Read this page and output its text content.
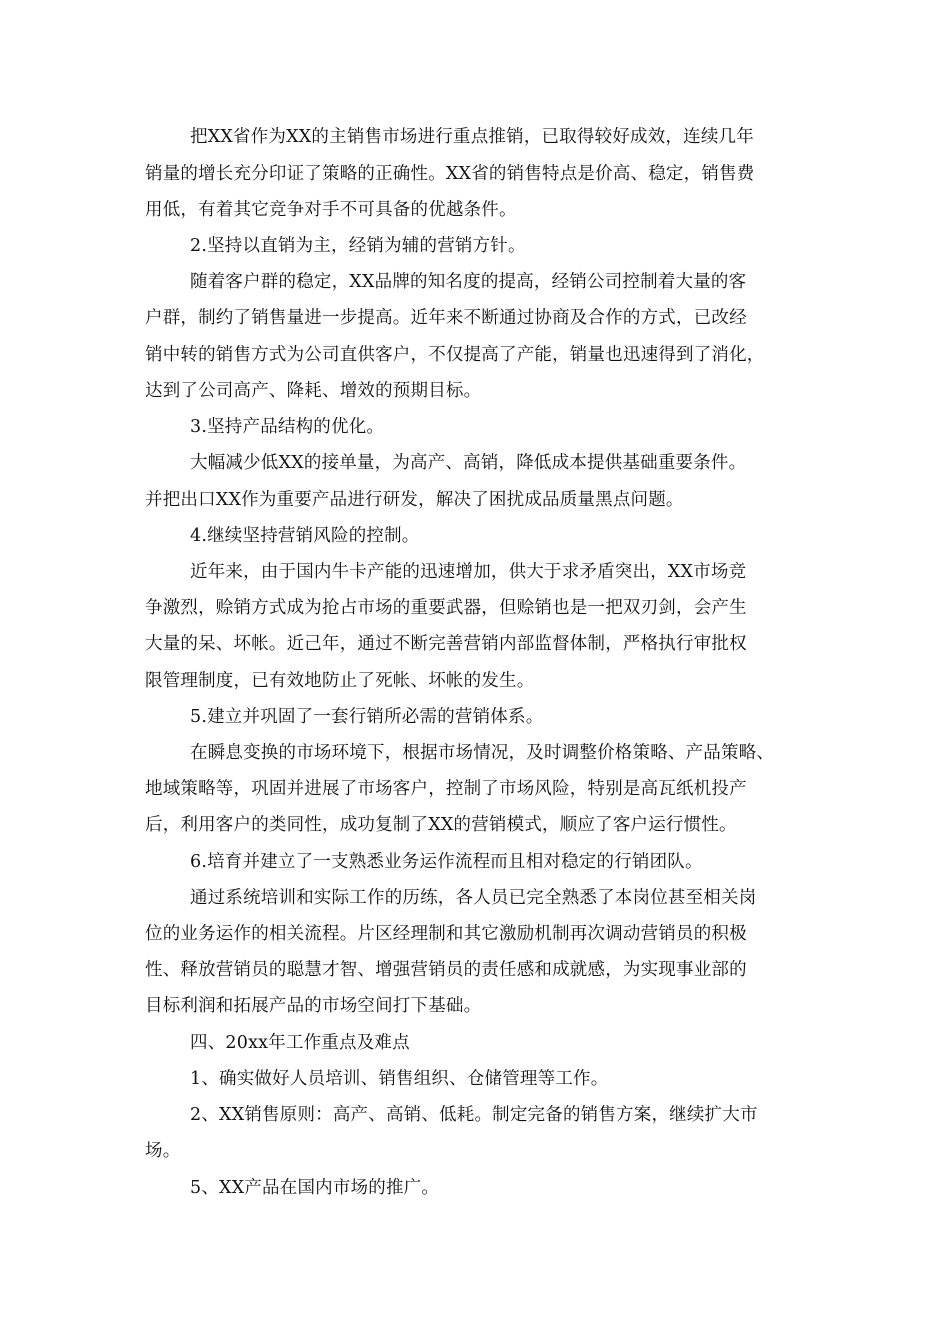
把XX省作为XX的主销售市场进行重点推销，已取得较好成效，连续几年

销量的增长充分印证了策略的正确性。XX省的销售特点是价高、稳定，销售费

用低，有着其它竞争对手不可具备的优越条件。

2.坚持以直销为主，经销为辅的营销方针。

随着客户群的稳定，XX品牌的知名度的提高，经销公司控制着大量的客

户群，制约了销售量进一步提高。近年来不断通过协商及合作的方式，已改经

销中转的销售方式为公司直供客户，不仅提高了产能，销量也迅速得到了消化，

达到了公司高产、降耗、增效的预期目标。

3.坚持产品结构的优化。

大幅减少低XX的接单量，为高产、高销，降低成本提供基础重要条件。

并把出口XX作为重要产品进行研发，解决了困扰成品质量黑点问题。

4.继续坚持营销风险的控制。

近年来，由于国内牛卡产能的迅速增加，供大于求矛盾突出，XX市场竞

争激烈，赊销方式成为抢占市场的重要武器，但赊销也是一把双刃剑，会产生

大量的呆、坏帐。近己年，通过不断完善营销内部监督体制，严格执行审批权

限管理制度，已有效地防止了死帐、坏帐的发生。

5.建立并巩固了一套行销所必需的营销体系。

在瞬息变换的市场环境下，根据市场情况，及时调整价格策略、产品策略、

地域策略等，巩固并进展了市场客户，控制了市场风险，特别是高瓦纸机投产

后，利用客户的类同性，成功复制了XX的营销模式，顺应了客户运行惯性。

6.培育并建立了一支熟悉业务运作流程而且相对稳定的行销团队。

通过系统培训和实际工作的历练，各人员已完全熟悉了本岗位甚至相关岗

位的业务运作的相关流程。片区经理制和其它激励机制再次调动营销员的积极

性、释放营销员的聪慧才智、增强营销员的责任感和成就感，为实现事业部的

目标利润和拓展产品的市场空间打下基础。

四、20xx年工作重点及难点

1、确实做好人员培训、销售组织、仓储管理等工作。

2、XX销售原则：高产、高销、低耗。制定完备的销售方案，继续扩大市

场。

5、XX产品在国内市场的推广。
